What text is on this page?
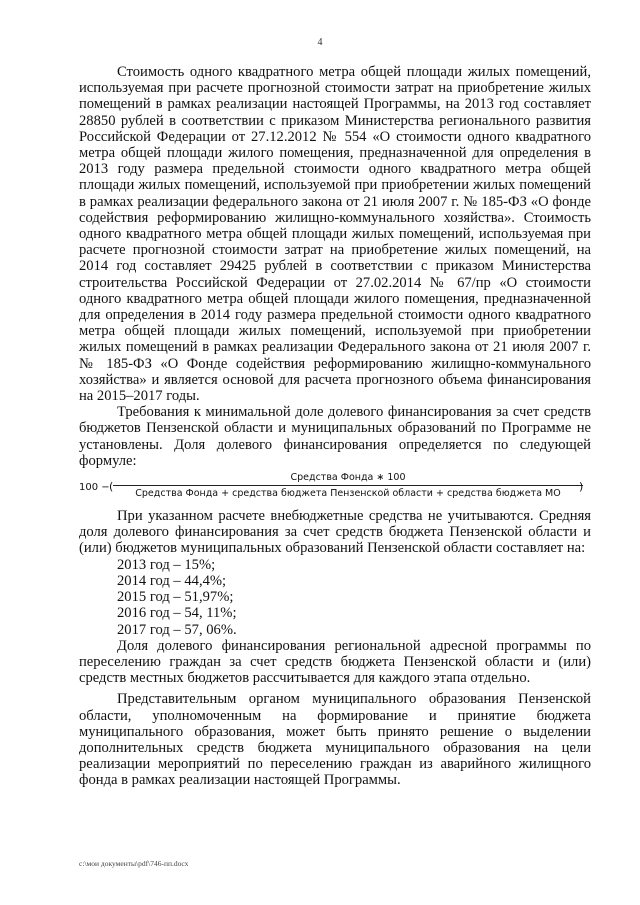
4

Стоимость одного квадратного метра общей площади жилых помещений, используемая при расчете прогнозной стоимости затрат на приобретение жилых помещений в рамках реализации настоящей Программы, на 2013 год составляет 28850 рублей в соответствии с приказом Министерства регионального развития Российской Федерации от 27.12.2012 № 554 «О стоимости одного квадратного метра общей площади жилого помещения, предназначенной для определения в 2013 году размера предельной стоимости одного квадратного метра общей площади жилых помещений, используемой при приобретении жилых помещений в рамках реализации федерального закона от 21 июля 2007 г. № 185-ФЗ «О фонде содействия реформированию жилищно-коммунального хозяйства». Стоимость одного квадратного метра общей площади жилых помещений, используемая при расчете прогнозной стоимости затрат на приобретение жилых помещений, на 2014 год составляет 29425 рублей в соответствии с приказом Министерства строительства Российской Федерации от 27.02.2014 № 67/пр «О стоимости одного квадратного метра общей площади жилого помещения, предназначенной для определения в 2014 году размера предельной стоимости одного квадратного метра общей площади жилых помещений, используемой при приобретении жилых помещений в рамках реализации Федерального закона от 21 июля 2007 г. № 185-ФЗ «О Фонде содействия реформированию жилищно-коммунального хозяйства» и является основой для расчета прогнозного объема финансирования на 2015–2017 годы.

Требования к минимальной доле долевого финансирования за счет средств бюджетов Пензенской области и муниципальных образований по Программе не установлены. Доля долевого финансирования определяется по следующей формуле:

100 − (
Средства Фонда ∗ 100
Средства Фонда + средства бюджета Пензенской области + средства бюджета МО
)

При указанном расчете внебюджетные средства не учитываются. Средняя доля долевого финансирования за счет средств бюджета Пензенской области и (или) бюджетов муниципальных образований Пензенской области составляет на:

2013 год – 15%;

2014 год – 44,4%;

2015 год – 51,97%;

2016 год – 54, 11%;

2017 год – 57, 06%.

Доля долевого финансирования региональной адресной программы по переселению граждан за счет средств бюджета Пензенской области и (или) средств местных бюджетов рассчитывается для каждого этапа отдельно.

Представительным органом муниципального образования Пензенской области, уполномоченным на формирование и принятие бюджета муниципального образования, может быть принято решение о выделении дополнительных средств бюджета муниципального образования на цели реализации мероприятий по переселению граждан из аварийного жилищного фонда в рамках реализации настоящей Программы.

c:\мои документы\pdf\746-пп.docx
